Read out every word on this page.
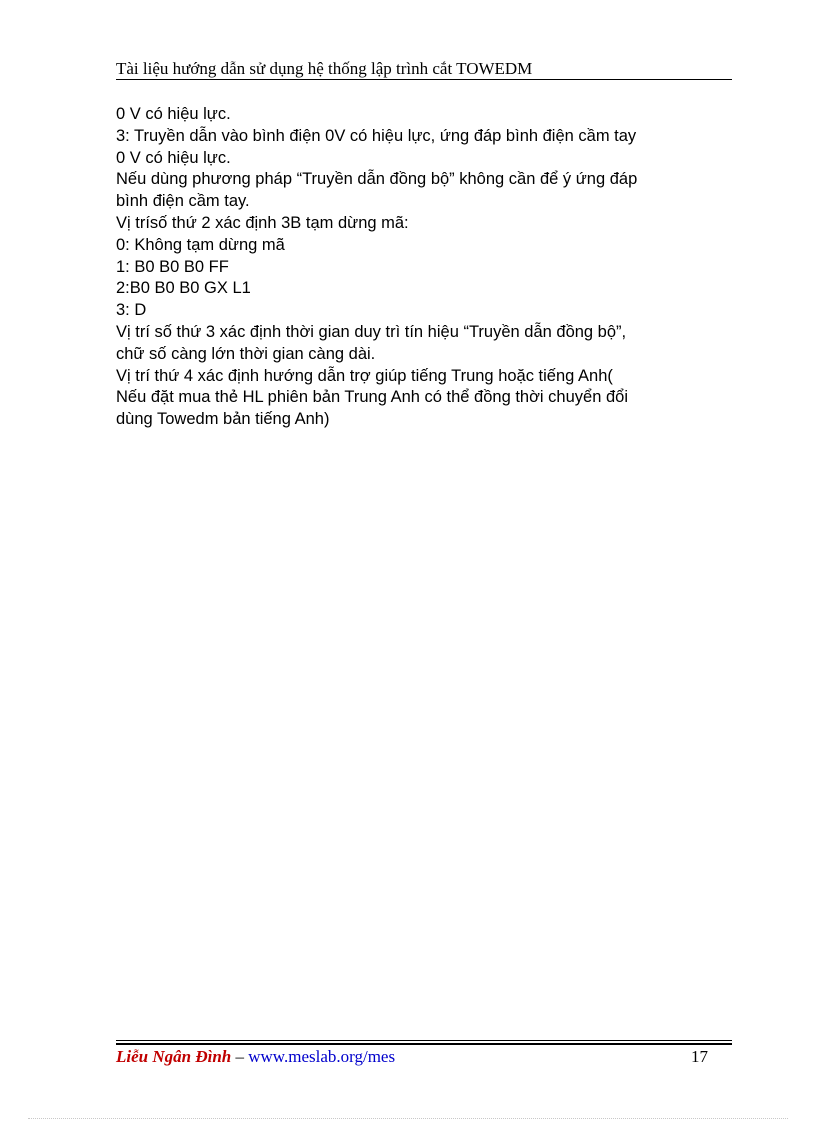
Tài liệu hướng dẫn sử dụng hệ thống lập trình cắt TOWEDM

0 V có hiệu lực.

3: Truyền dẫn vào bình điện 0V có hiệu lực, ứng đáp bình điện cầm tay

0 V có hiệu lực.

Nếu dùng phương pháp “Truyền dẫn đồng bộ” không cần để ý ứng đáp

bình điện cầm tay.

Vị trísố thứ 2 xác định 3B tạm dừng mã:

0: Không tạm dừng mã

1: B0 B0 B0 FF

2:B0 B0 B0 GX L1

3: D

Vị trí số thứ 3 xác định thời gian duy trì tín hiệu “Truyền dẫn đồng bộ”,

chữ số càng lớn thời gian càng dài.

Vị trí thứ 4 xác định hướng dẫn trợ giúp tiếng Trung hoặc tiếng Anh(

Nếu đặt mua thẻ HL phiên bản Trung Anh có thể đồng thời chuyển đổi

dùng Towedm bản tiếng Anh)

Liễu Ngân Đình – www.meslab.org/mes	17
